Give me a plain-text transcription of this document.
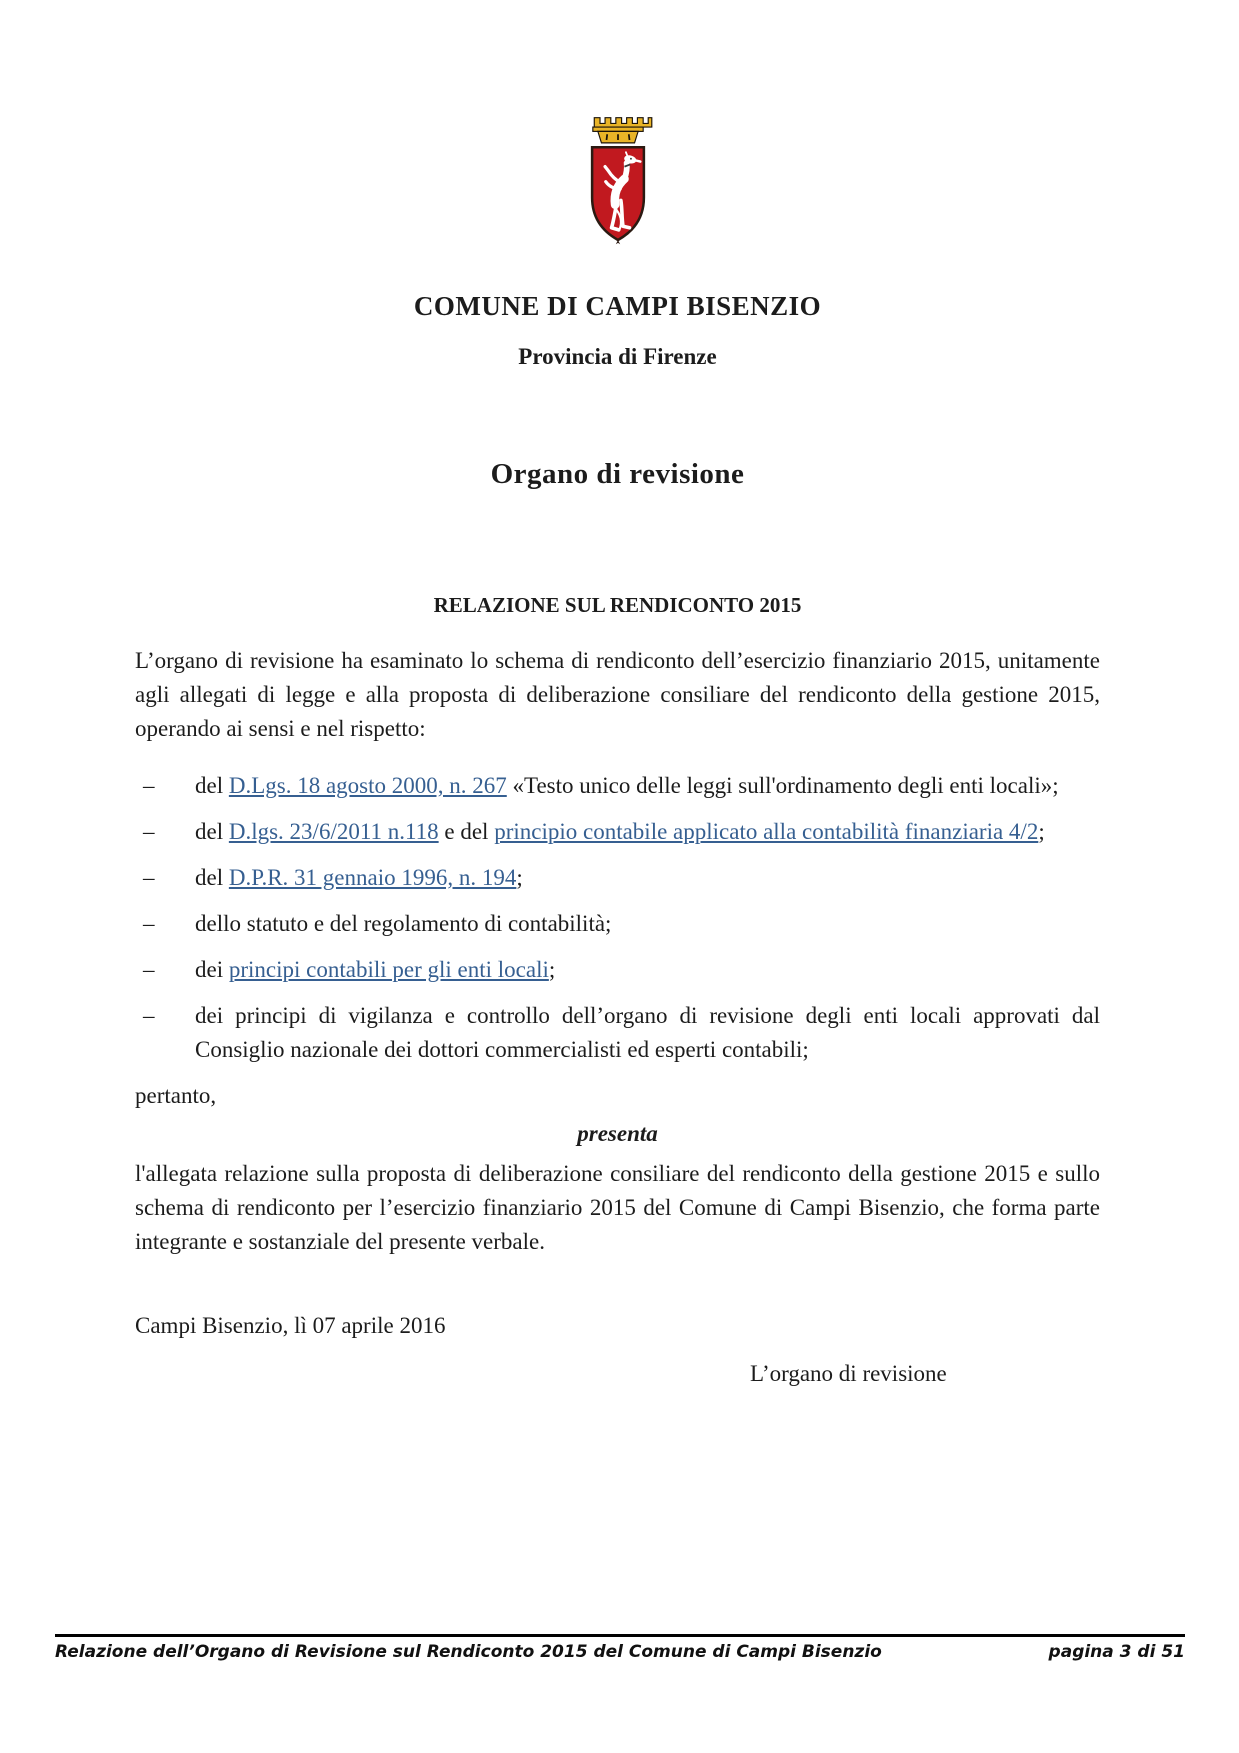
COMUNE DI CAMPI BISENZIO
Provincia di Firenze
Organo di revisione
RELAZIONE SUL RENDICONTO 2015

L’organo di revisione ha esaminato lo schema di rendiconto dell’esercizio finanziario 2015, unitamente agli allegati di legge e alla proposta di deliberazione consiliare del rendiconto della gestione 2015, operando ai sensi e nel rispetto:

–	del D.Lgs. 18 agosto 2000, n. 267 «Testo unico delle leggi sull'ordinamento degli enti locali»;
–	del D.lgs. 23/6/2011 n.118 e del principio contabile applicato alla contabilità finanziaria 4/2;
–	del D.P.R. 31 gennaio 1996, n. 194;
–	dello statuto e del regolamento di contabilità;
–	dei principi contabili per gli enti locali;
–	dei principi di vigilanza e controllo dell’organo di revisione degli enti locali approvati dal Consiglio nazionale dei dottori commercialisti ed esperti contabili;
pertanto,
presenta

l'allegata relazione sulla proposta di deliberazione consiliare del rendiconto della gestione 2015 e sullo schema di rendiconto per l’esercizio finanziario 2015 del Comune di Campi Bisenzio, che forma parte integrante e sostanziale del presente verbale.

Campi Bisenzio, lì 07 aprile 2016
L’organo di revisione
Relazione dell’Organo di Revisione sul Rendiconto 2015 del Comune di Campi Bisenzio	pagina 3 di 51
